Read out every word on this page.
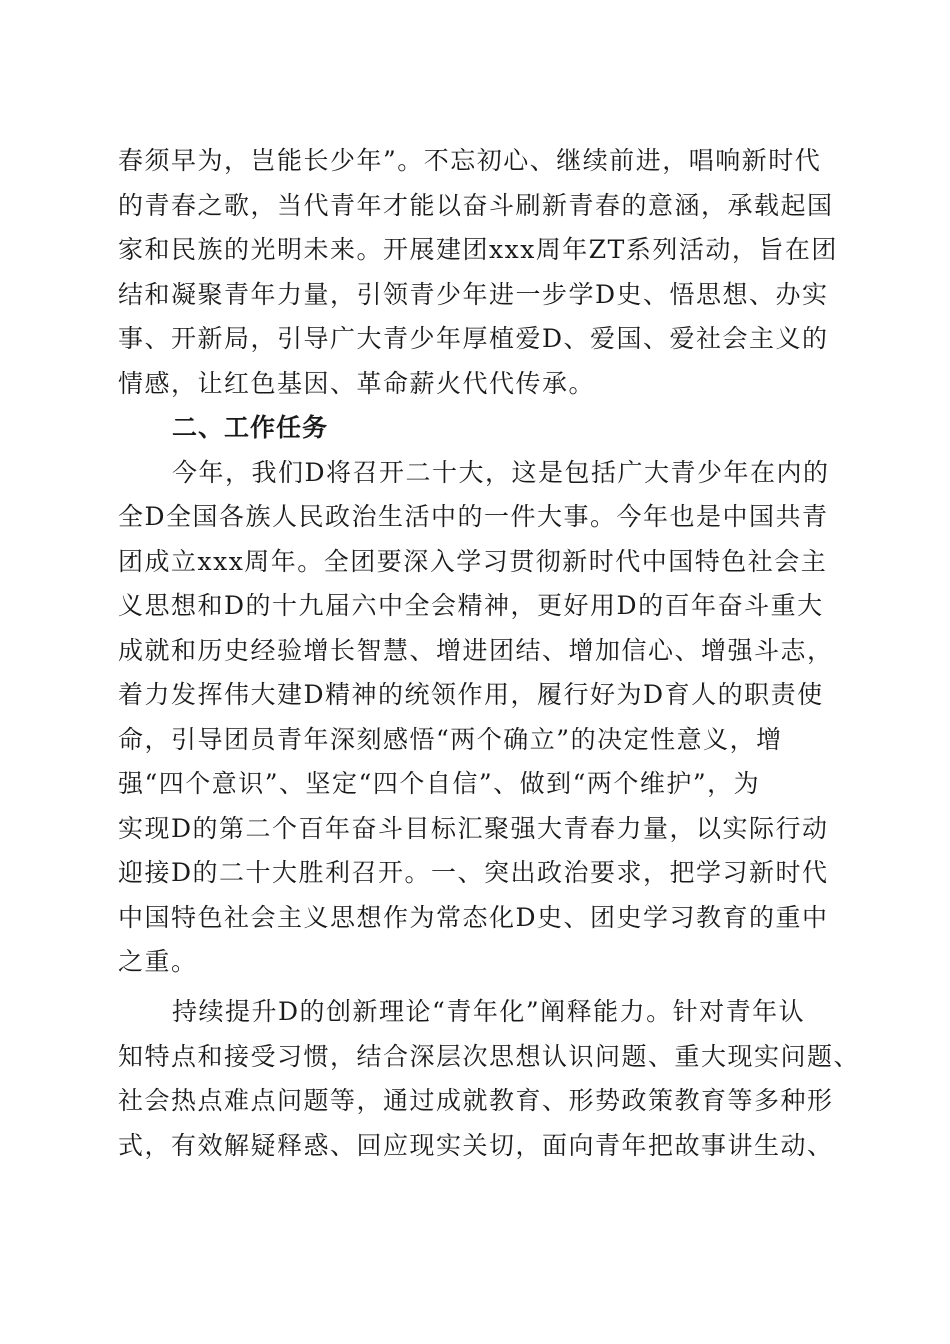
春须早为，岂能长少年”。不忘初心、继续前进，唱响新时代
的青春之歌，当代青年才能以奋斗刷新青春的意涵，承载起国
家和民族的光明未来。开展建团xxx周年ZT系列活动，旨在团
结和凝聚青年力量，引领青少年进一步学D史、悟思想、办实
事、开新局，引导广大青少年厚植爱D、爱国、爱社会主义的
情感，让红色基因、革命薪火代代传承。
二、工作任务
今年，我们D将召开二十大，这是包括广大青少年在内的
全D全国各族人民政治生活中的一件大事。今年也是中国共青
团成立xxx周年。全团要深入学习贯彻新时代中国特色社会主
义思想和D的十九届六中全会精神，更好用D的百年奋斗重大
成就和历史经验增长智慧、增进团结、增加信心、增强斗志，
着力发挥伟大建D精神的统领作用，履行好为D育人的职责使
命，引导团员青年深刻感悟“两个确立”的决定性意义，增
强“四个意识”、坚定“四个自信”、做到“两个维护”，为
实现D的第二个百年奋斗目标汇聚强大青春力量，以实际行动
迎接D的二十大胜利召开。一、突出政治要求，把学习新时代
中国特色社会主义思想作为常态化D史、团史学习教育的重中
之重。
持续提升D的创新理论“青年化”阐释能力。针对青年认
知特点和接受习惯，结合深层次思想认识问题、重大现实问题、
社会热点难点问题等，通过成就教育、形势政策教育等多种形
式，有效解疑释惑、回应现实关切，面向青年把故事讲生动、
